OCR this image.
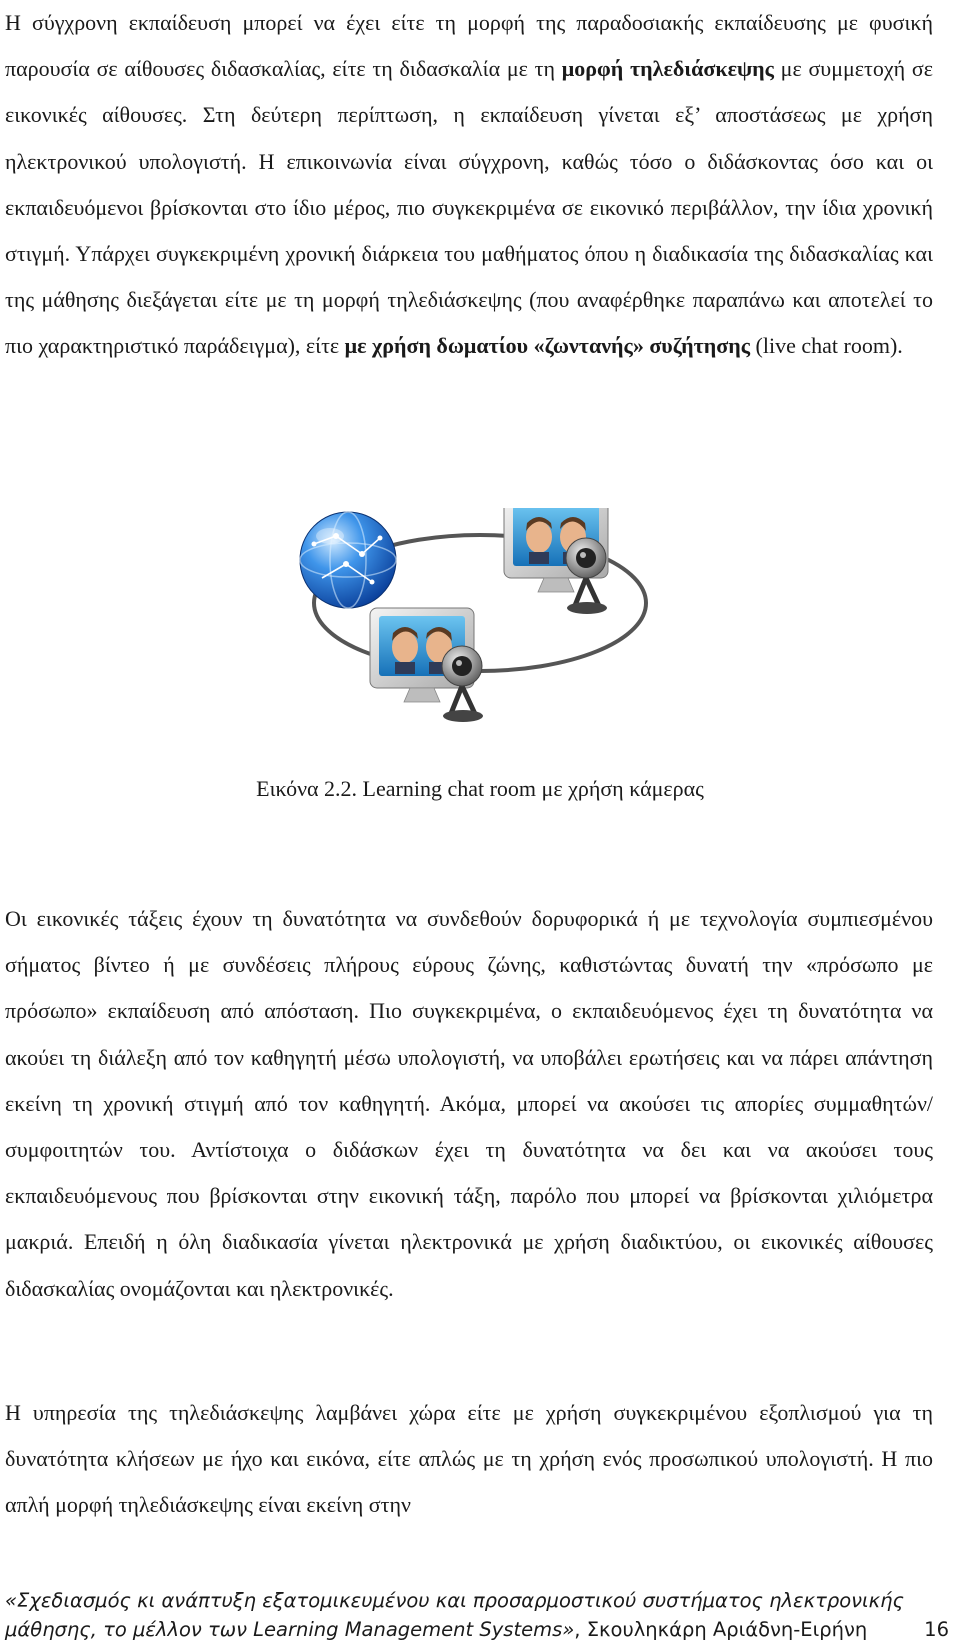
Η σύγχρονη εκπαίδευση μπορεί να έχει είτε τη μορφή της παραδοσιακής εκπαίδευσης με φυσική παρουσία σε αίθουσες διδασκαλίας, είτε τη διδασκαλία με τη μορφή τηλεδιάσκεψης με συμμετοχή σε εικονικές αίθουσες. Στη δεύτερη περίπτωση, η εκπαίδευση γίνεται εξ’ αποστάσεως με χρήση ηλεκτρονικού υπολογιστή. Η επικοινωνία είναι σύγχρονη, καθώς τόσο ο διδάσκοντας όσο και οι εκπαιδευόμενοι βρίσκονται στο ίδιο μέρος, πιο συγκεκριμένα σε εικονικό περιβάλλον, την ίδια χρονική στιγμή. Υπάρχει συγκεκριμένη χρονική διάρκεια του μαθήματος όπου η διαδικασία της διδασκαλίας και της μάθησης διεξάγεται είτε με τη μορφή τηλεδιάσκεψης (που αναφέρθηκε παραπάνω και αποτελεί το πιο χαρακτηριστικό παράδειγμα), είτε με χρήση δωματίου «ζωντανής» συζήτησης (live chat room).

Εικόνα 2.2. Learning chat room με χρήση κάμερας

Οι εικονικές τάξεις έχουν τη δυνατότητα να συνδεθούν δορυφορικά ή με τεχνολογία συμπιεσμένου σήματος βίντεο ή με συνδέσεις πλήρους εύρους ζώνης, καθιστώντας δυνατή την «πρόσωπο με πρόσωπο» εκπαίδευση από απόσταση. Πιο συγκεκριμένα, ο εκπαιδευόμενος έχει τη δυνατότητα να ακούει τη διάλεξη από τον καθηγητή μέσω υπολογιστή, να υποβάλει ερωτήσεις και να πάρει απάντηση εκείνη τη χρονική στιγμή από τον καθηγητή. Ακόμα, μπορεί να ακούσει τις απορίες συμμαθητών/συμφοιτητών του. Αντίστοιχα ο διδάσκων έχει τη δυνατότητα να δει και να ακούσει τους εκπαιδευόμενους που βρίσκονται στην εικονική τάξη, παρόλο που μπορεί να βρίσκονται χιλιόμετρα μακριά. Επειδή η όλη διαδικασία γίνεται ηλεκτρονικά με χρήση διαδικτύου, οι εικονικές αίθουσες διδασκαλίας ονομάζονται και ηλεκτρονικές.

Η υπηρεσία της τηλεδιάσκεψης λαμβάνει χώρα είτε με χρήση συγκεκριμένου εξοπλισμού για τη δυνατότητα κλήσεων με ήχο και εικόνα, είτε απλώς με τη χρήση ενός προσωπικού υπολογιστή. Η πιο απλή μορφή τηλεδιάσκεψης είναι εκείνη στην

«Σχεδιασμός κι ανάπτυξη εξατομικευμένου και προσαρμοστικού συστήματος ηλεκτρονικής
μάθησης, το μέλλον των Learning Management Systems», Σκουληκάρη Αριάδνη-Ειρήνη	16
